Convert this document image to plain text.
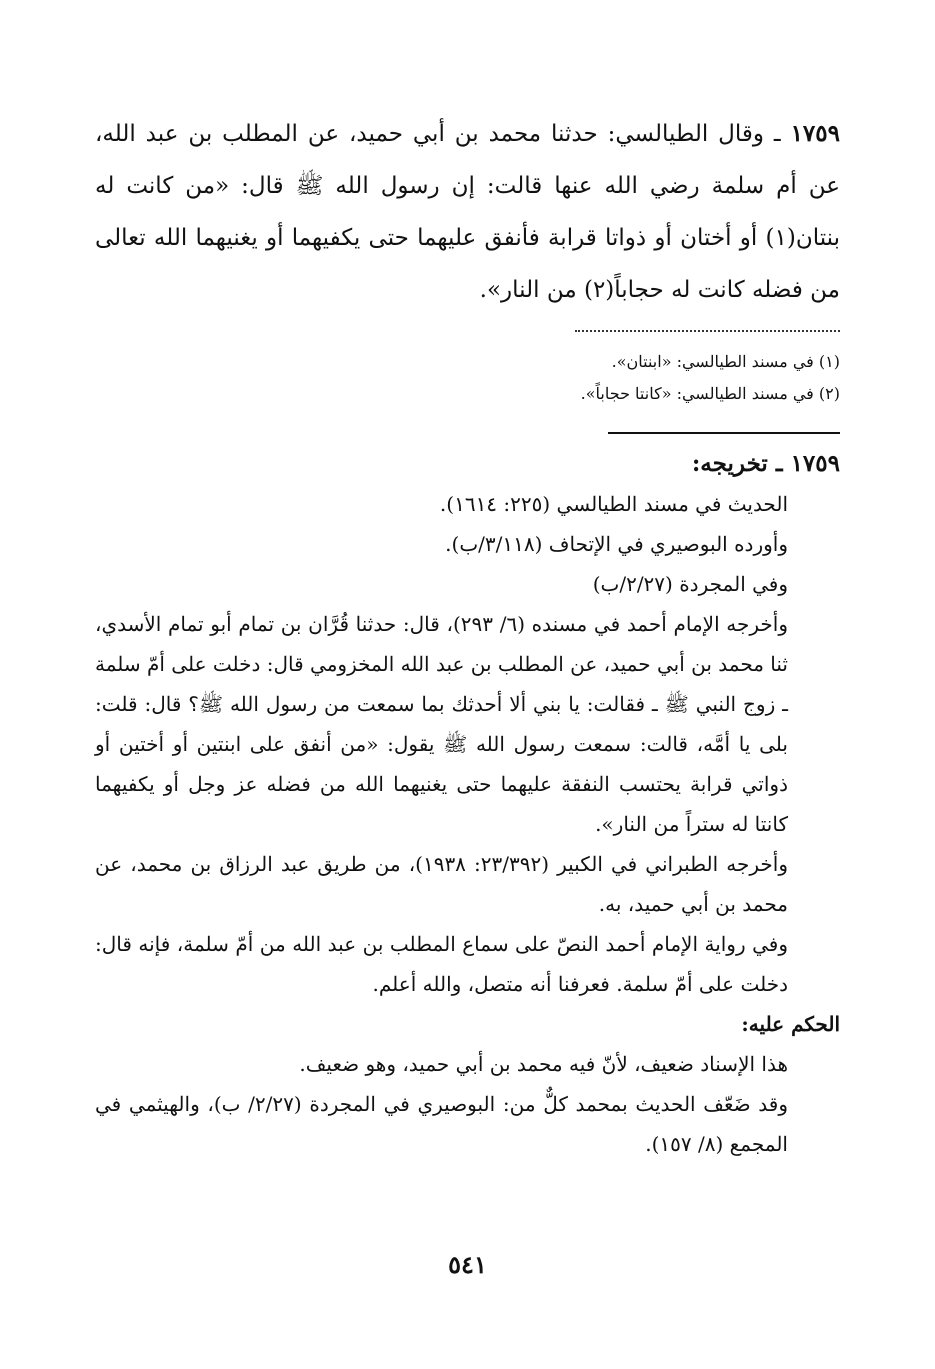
١٧٥٩ ـ وقال الطيالسي: حدثنا محمد بن أبي حميد، عن المطلب بن عبد الله، عن أم سلمة رضي الله عنها قالت: إن رسول الله ﷺ قال: «من كانت له بنتان(١) أو أختان أو ذواتا قرابة فأنفق عليهما حتى يكفيهما أو يغنيهما الله تعالى من فضله كانت له حجاباً(٢) من النار».

(١) في مسند الطيالسي: «ابنتان».

(٢) في مسند الطيالسي: «كانتا حجاباً».

١٧٥٩ ـ تخريجه:

الحديث في مسند الطيالسي (٢٢٥: ١٦١٤).

وأورده البوصيري في الإتحاف (٣/١١٨/ب).

وفي المجردة (٢/٢٧/ب)

وأخرجه الإمام أحمد في مسنده (٦/ ٢٩٣)، قال: حدثنا قُرَّان بن تمام أبو تمام الأسدي، ثنا محمد بن أبي حميد، عن المطلب بن عبد الله المخزومي قال: دخلت على أمّ سلمة ـ زوج النبي ﷺ ـ فقالت: يا بني ألا أحدثك بما سمعت من رسول الله ﷺ؟ قال: قلت: بلى يا أمَّه، قالت: سمعت رسول الله ﷺ يقول: «من أنفق على ابنتين أو أختين أو ذواتي قرابة يحتسب النفقة عليهما حتى يغنيهما الله من فضله عز وجل أو يكفيهما كانتا له ستراً من النار».

وأخرجه الطبراني في الكبير (٢٣/٣٩٢: ١٩٣٨)، من طريق عبد الرزاق بن محمد، عن محمد بن أبي حميد، به.

وفي رواية الإمام أحمد النصّ على سماع المطلب بن عبد الله من أمّ سلمة، فإنه قال: دخلت على أمّ سلمة. فعرفنا أنه متصل، والله أعلم.

الحكم عليه:

هذا الإسناد ضعيف، لأنّ فيه محمد بن أبي حميد، وهو ضعيف.

وقد ضَعّف الحديث بمحمد كلٌّ من: البوصيري في المجردة (٢/٢٧/ ب)، والهيثمي في المجمع (٨/ ١٥٧).

٥٤١
